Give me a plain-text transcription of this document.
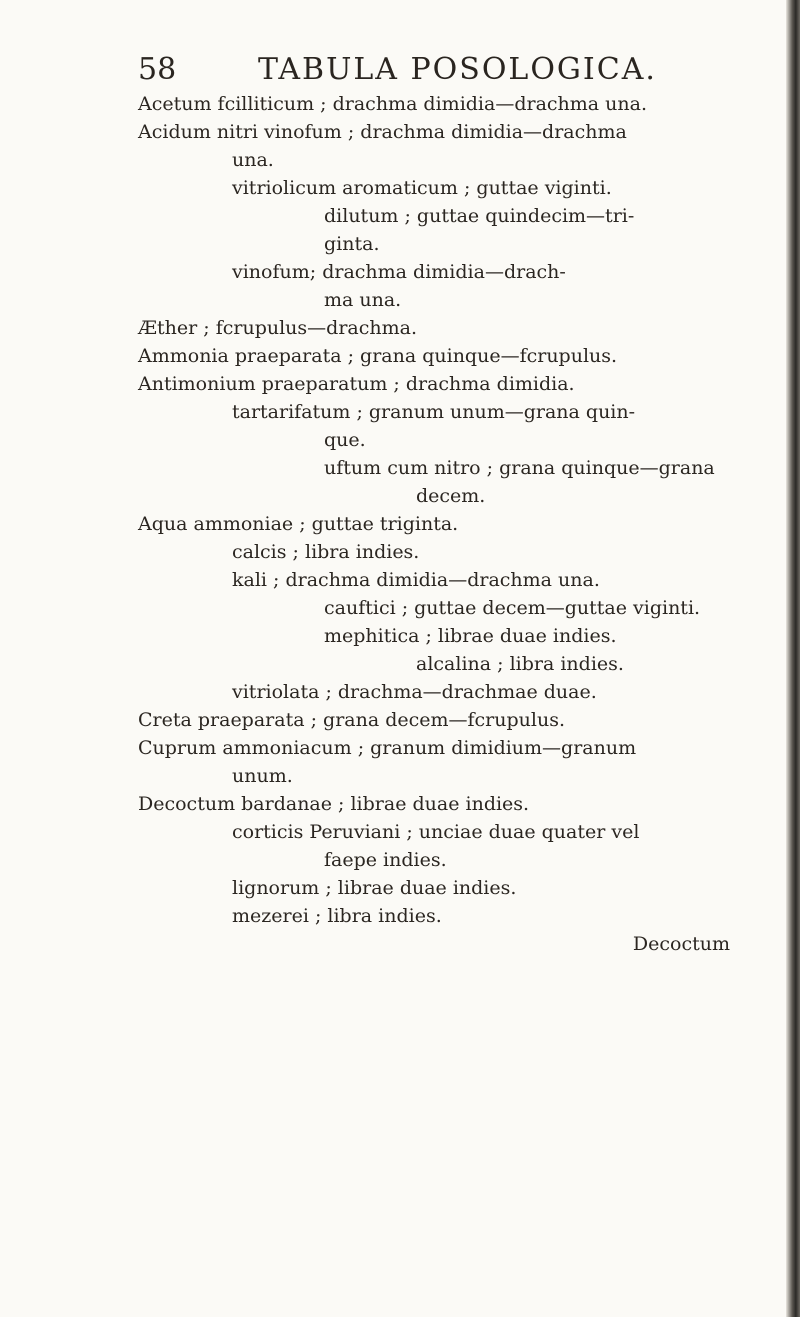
58	TABULA POSOLOGICA.
Acetum fcilliticum ; drachma dimidia—drachma una.
Acidum nitri vinofum ; drachma dimidia—drachma
una.
vitriolicum aromaticum ; guttae viginti.
dilutum ; guttae quindecim—tri-
ginta.
vinofum; drachma dimidia—drach-
ma una.
Æther ; fcrupulus—drachma.
Ammonia praeparata ; grana quinque—fcrupulus.
Antimonium praeparatum ; drachma dimidia.
tartarifatum ; granum unum—grana quin-
que.
uftum cum nitro ; grana quinque—grana
decem.
Aqua ammoniae ; guttae triginta.
calcis ; libra indies.
kali ; drachma dimidia—drachma una.
cauftici ; guttae decem—guttae viginti.
mephitica ; librae duae indies.
alcalina ; libra indies.
vitriolata ; drachma—drachmae duae.
Creta praeparata ; grana decem—fcrupulus.
Cuprum ammoniacum ; granum dimidium—granum
unum.
Decoctum bardanae ; librae duae indies.
corticis Peruviani ; unciae duae quater vel
faepe indies.
lignorum ; librae duae indies.
mezerei ; libra indies.
Decoctum
